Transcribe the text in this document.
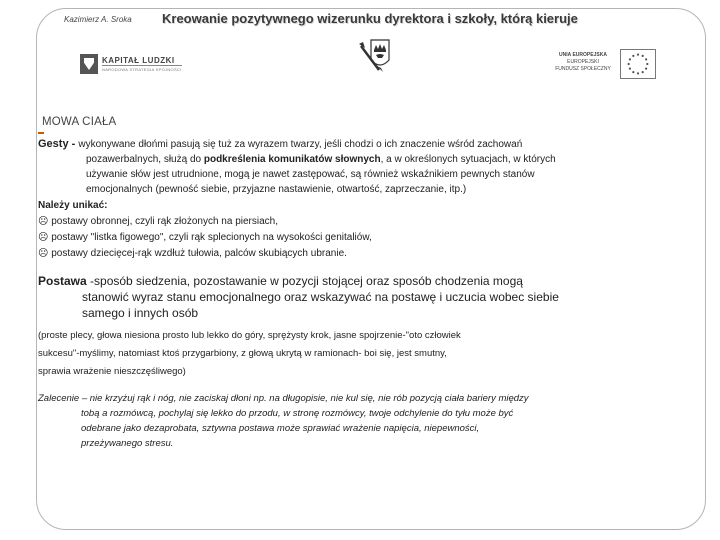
Kazimierz A. Sroka Kreowanie pozytywnego wizerunku dyrektora i szkoły, którą kieruje
KAPITAŁ LUDZKI
NARODOWA STRATEGIA SPÓJNOŚCI
UNIA EUROPEJSKA
EUROPEJSKI
FUNDUSZ SPOŁECZNY
MOWA CIAŁA

Gesty - wykonywane dłońmi pasują się tuż za wyrazem twarzy, jeśli chodzi o ich znaczenie wśród zachowań
pozawerbalnych, służą do podkreślenia komunikatów słownych, a w określonych sytuacjach, w których
używanie słów jest utrudnione, mogą je nawet zastępować, są również wskaźnikiem pewnych stanów
emocjonalnych (pewność siebie, przyjazne nastawienie, otwartość, zaprzeczanie, itp.)

Należy unikać:

☹ postawy obronnej, czyli rąk złożonych na piersiach,

☹ postawy "listka figowego", czyli rąk splecionych na wysokości genitaliów,

☹ postawy dziecięcej-rąk wzdłuż tułowia, palców skubiących ubranie.

Postawa -sposób siedzenia, pozostawanie w pozycji stojącej oraz sposób chodzenia mogą
stanowić wyraz stanu emocjonalnego oraz wskazywać na postawę i uczucia wobec siebie
samego i innych osób

(proste plecy, głowa niesiona prosto lub lekko do góry, sprężysty krok, jasne spojrzenie-"oto człowiek
sukcesu"-myślimy, natomiast ktoś przygarbiony, z głową ukrytą w ramionach- boi się, jest smutny,
sprawia wrażenie nieszczęśliwego)

Zalecenie – nie krzyżuj rąk i nóg, nie zaciskaj dłoni np. na długopisie, nie kul się, nie rób pozycją ciała bariery między
tobą a rozmówcą, pochylaj się lekko do przodu, w stronę rozmówcy, twoje odchylenie do tyłu może być
odebrane jako dezaprobata, sztywna postawa może sprawiać wrażenie napięcia, niepewności,
przeżywanego stresu.
